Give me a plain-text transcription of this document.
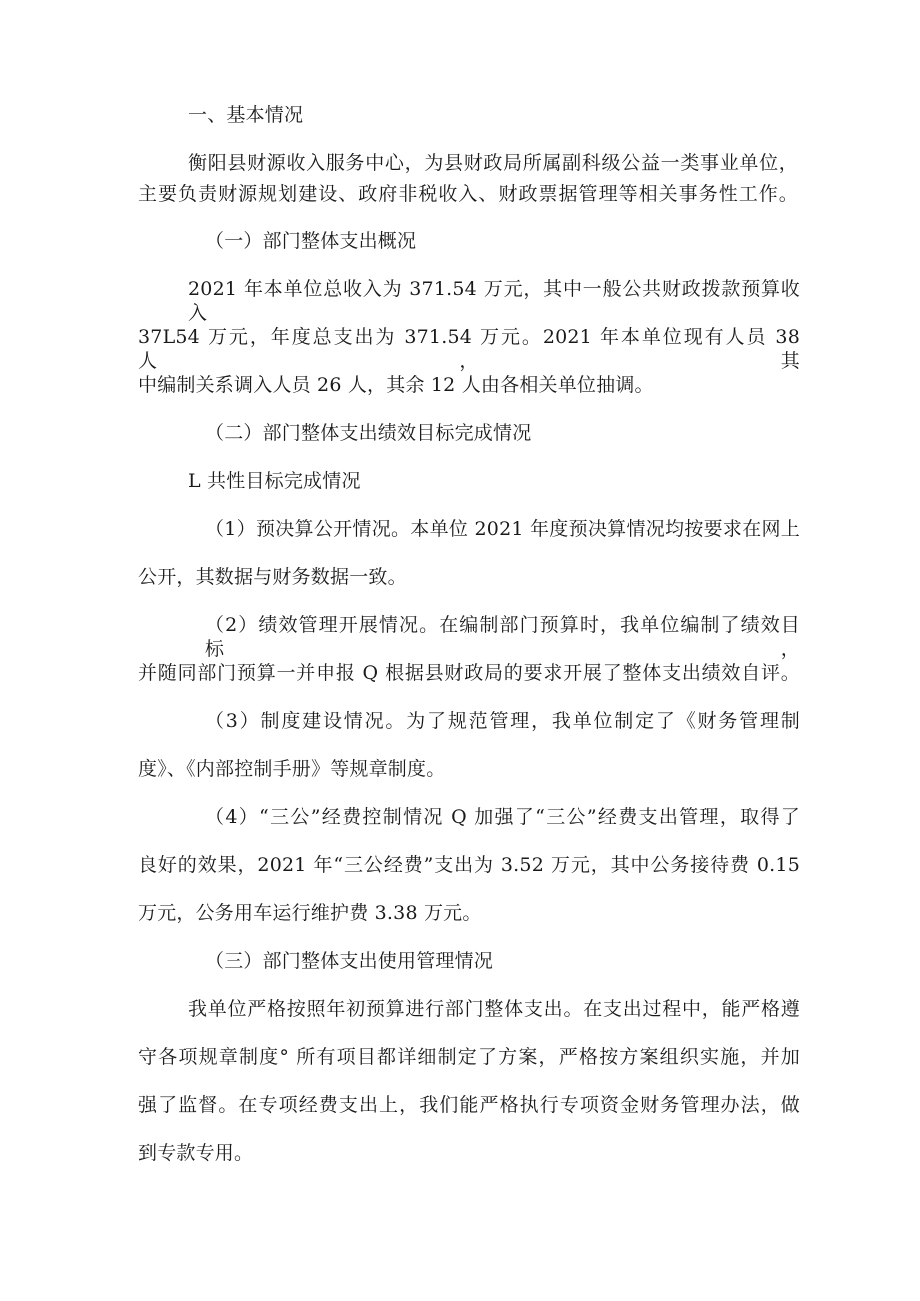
一、基本情况
衡阳县财源收入服务中心，为县财政局所属副科级公益一类事业单位，
主要负责财源规划建设、政府非税收入、财政票据管理等相关事务性工作。
（一）部门整体支出概况
2021 年本单位总收入为 371.54 万元，其中一般公共财政拨款预算收入
37L54 万元，年度总支出为 371.54 万元。2021 年本单位现有人员 38 人，其
中编制关系调入人员 26 人，其余 12 人由各相关单位抽调。
（二）部门整体支出绩效目标完成情况
L 共性目标完成情况
（1）预决算公开情况。本单位 2021 年度预决算情况均按要求在网上
公开，其数据与财务数据一致。
（2）绩效管理开展情况。在编制部门预算时，我单位编制了绩效目标，
并随同部门预算一并申报 Q 根据县财政局的要求开展了整体支出绩效自评。
（3）制度建设情况。为了规范管理，我单位制定了《财务管理制
度》、《内部控制手册》等规章制度。
（4）“三公”经费控制情况 Q 加强了“三公”经费支出管理，取得了
良好的效果，2021 年“三公经费”支出为 3.52 万元，其中公务接待费 0.15
万元，公务用车运行维护费 3.38 万元。
（三）部门整体支出使用管理情况
我单位严格按照年初预算进行部门整体支出。在支出过程中，能严格遵
守各项规章制度° 所有项目都详细制定了方案，严格按方案组织实施，并加
强了监督。在专项经费支出上，我们能严格执行专项资金财务管理办法，做
到专款专用。
